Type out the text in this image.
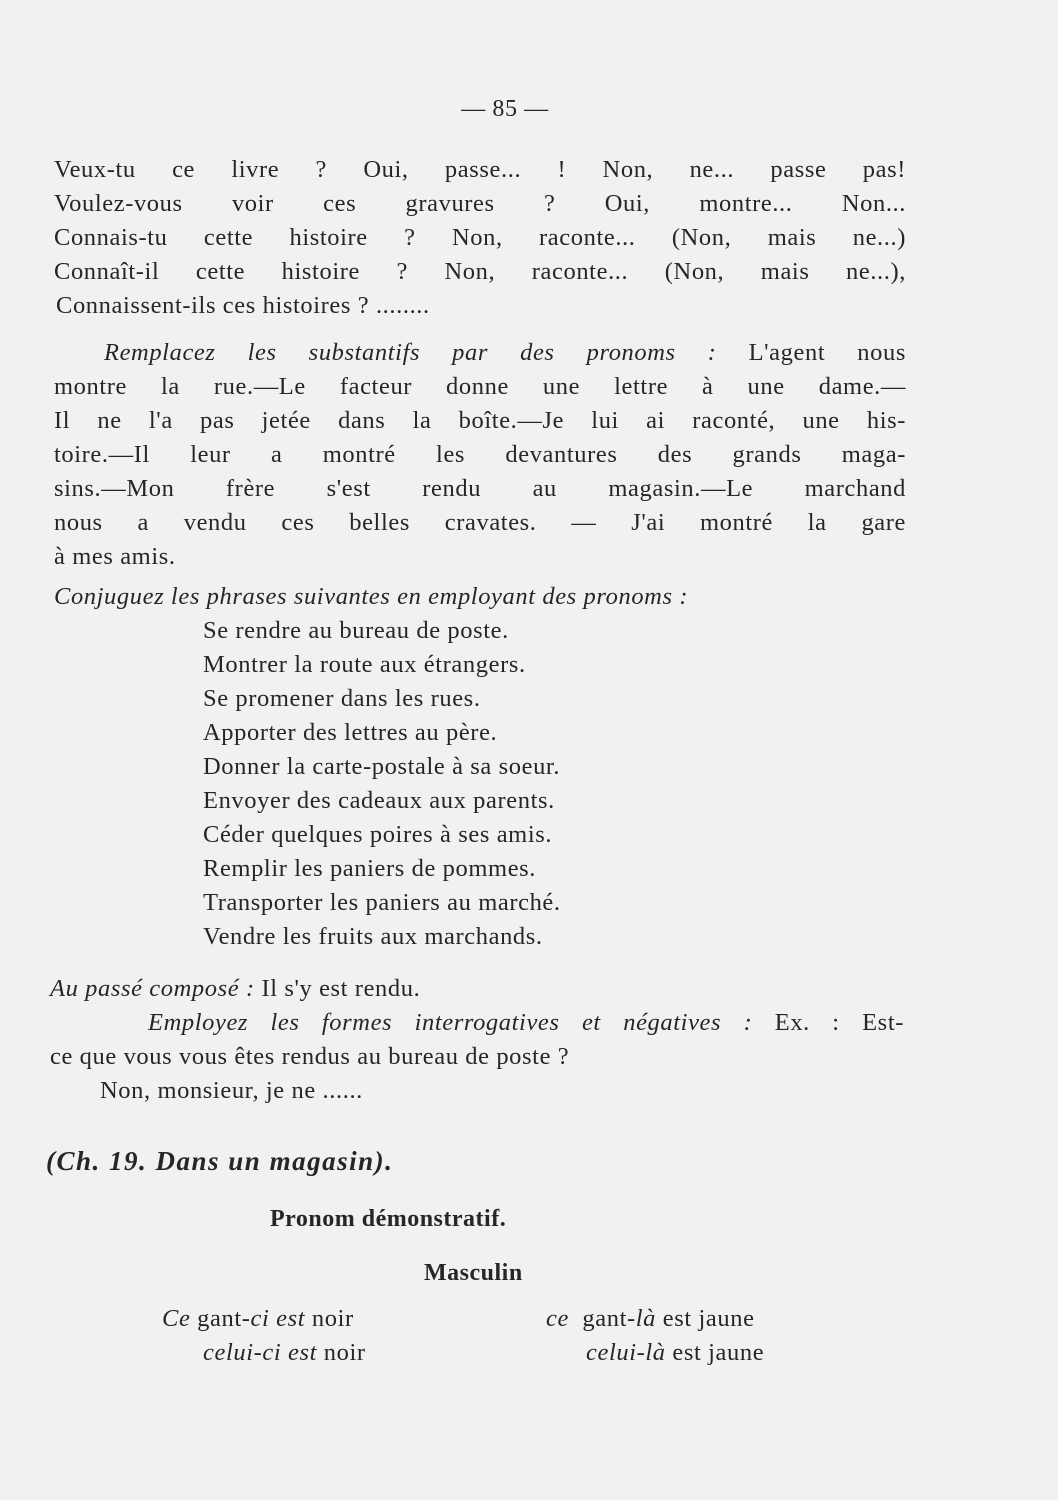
— 85 —
Veux-tu ce livre ? Oui, passe... ! Non, ne... passe pas!
Voulez-vous voir ces gravures ? Oui, montre... Non...
Connais-tu cette histoire ? Non, raconte... (Non, mais ne...)
Connaît-il cette histoire ? Non, raconte... (Non, mais ne...),
Connaissent-ils ces histoires ? ........
Remplacez les substantifs par des pronoms : L'agent nous
montre la rue.—Le facteur donne une lettre à une dame.—
Il ne l'a pas jetée dans la boîte.—Je lui ai raconté, une his-
toire.—Il leur a montré les devantures des grands maga-
sins.—Mon frère s'est rendu au magasin.—Le marchand
nous a vendu ces belles cravates. — J'ai montré la gare
à mes amis.
Conjuguez les phrases suivantes en employant des pronoms :
Se rendre au bureau de poste.
Montrer la route aux étrangers.
Se promener dans les rues.
Apporter des lettres au père.
Donner la carte-postale à sa soeur.
Envoyer des cadeaux aux parents.
Céder quelques poires à ses amis.
Remplir les paniers de pommes.
Transporter les paniers au marché.
Vendre les fruits aux marchands.
Au passé composé : Il s'y est rendu.
Employez les formes interrogatives et négatives : Ex. : Est-
ce que vous vous êtes rendus au bureau de poste ?
Non, monsieur, je ne ......
(Ch. 19. Dans un magasin).
Pronom démonstratif.
Masculin
Ce gant-ci est noir	ce gant-là est jaune
celui-ci est noir	celui-là est jaune
